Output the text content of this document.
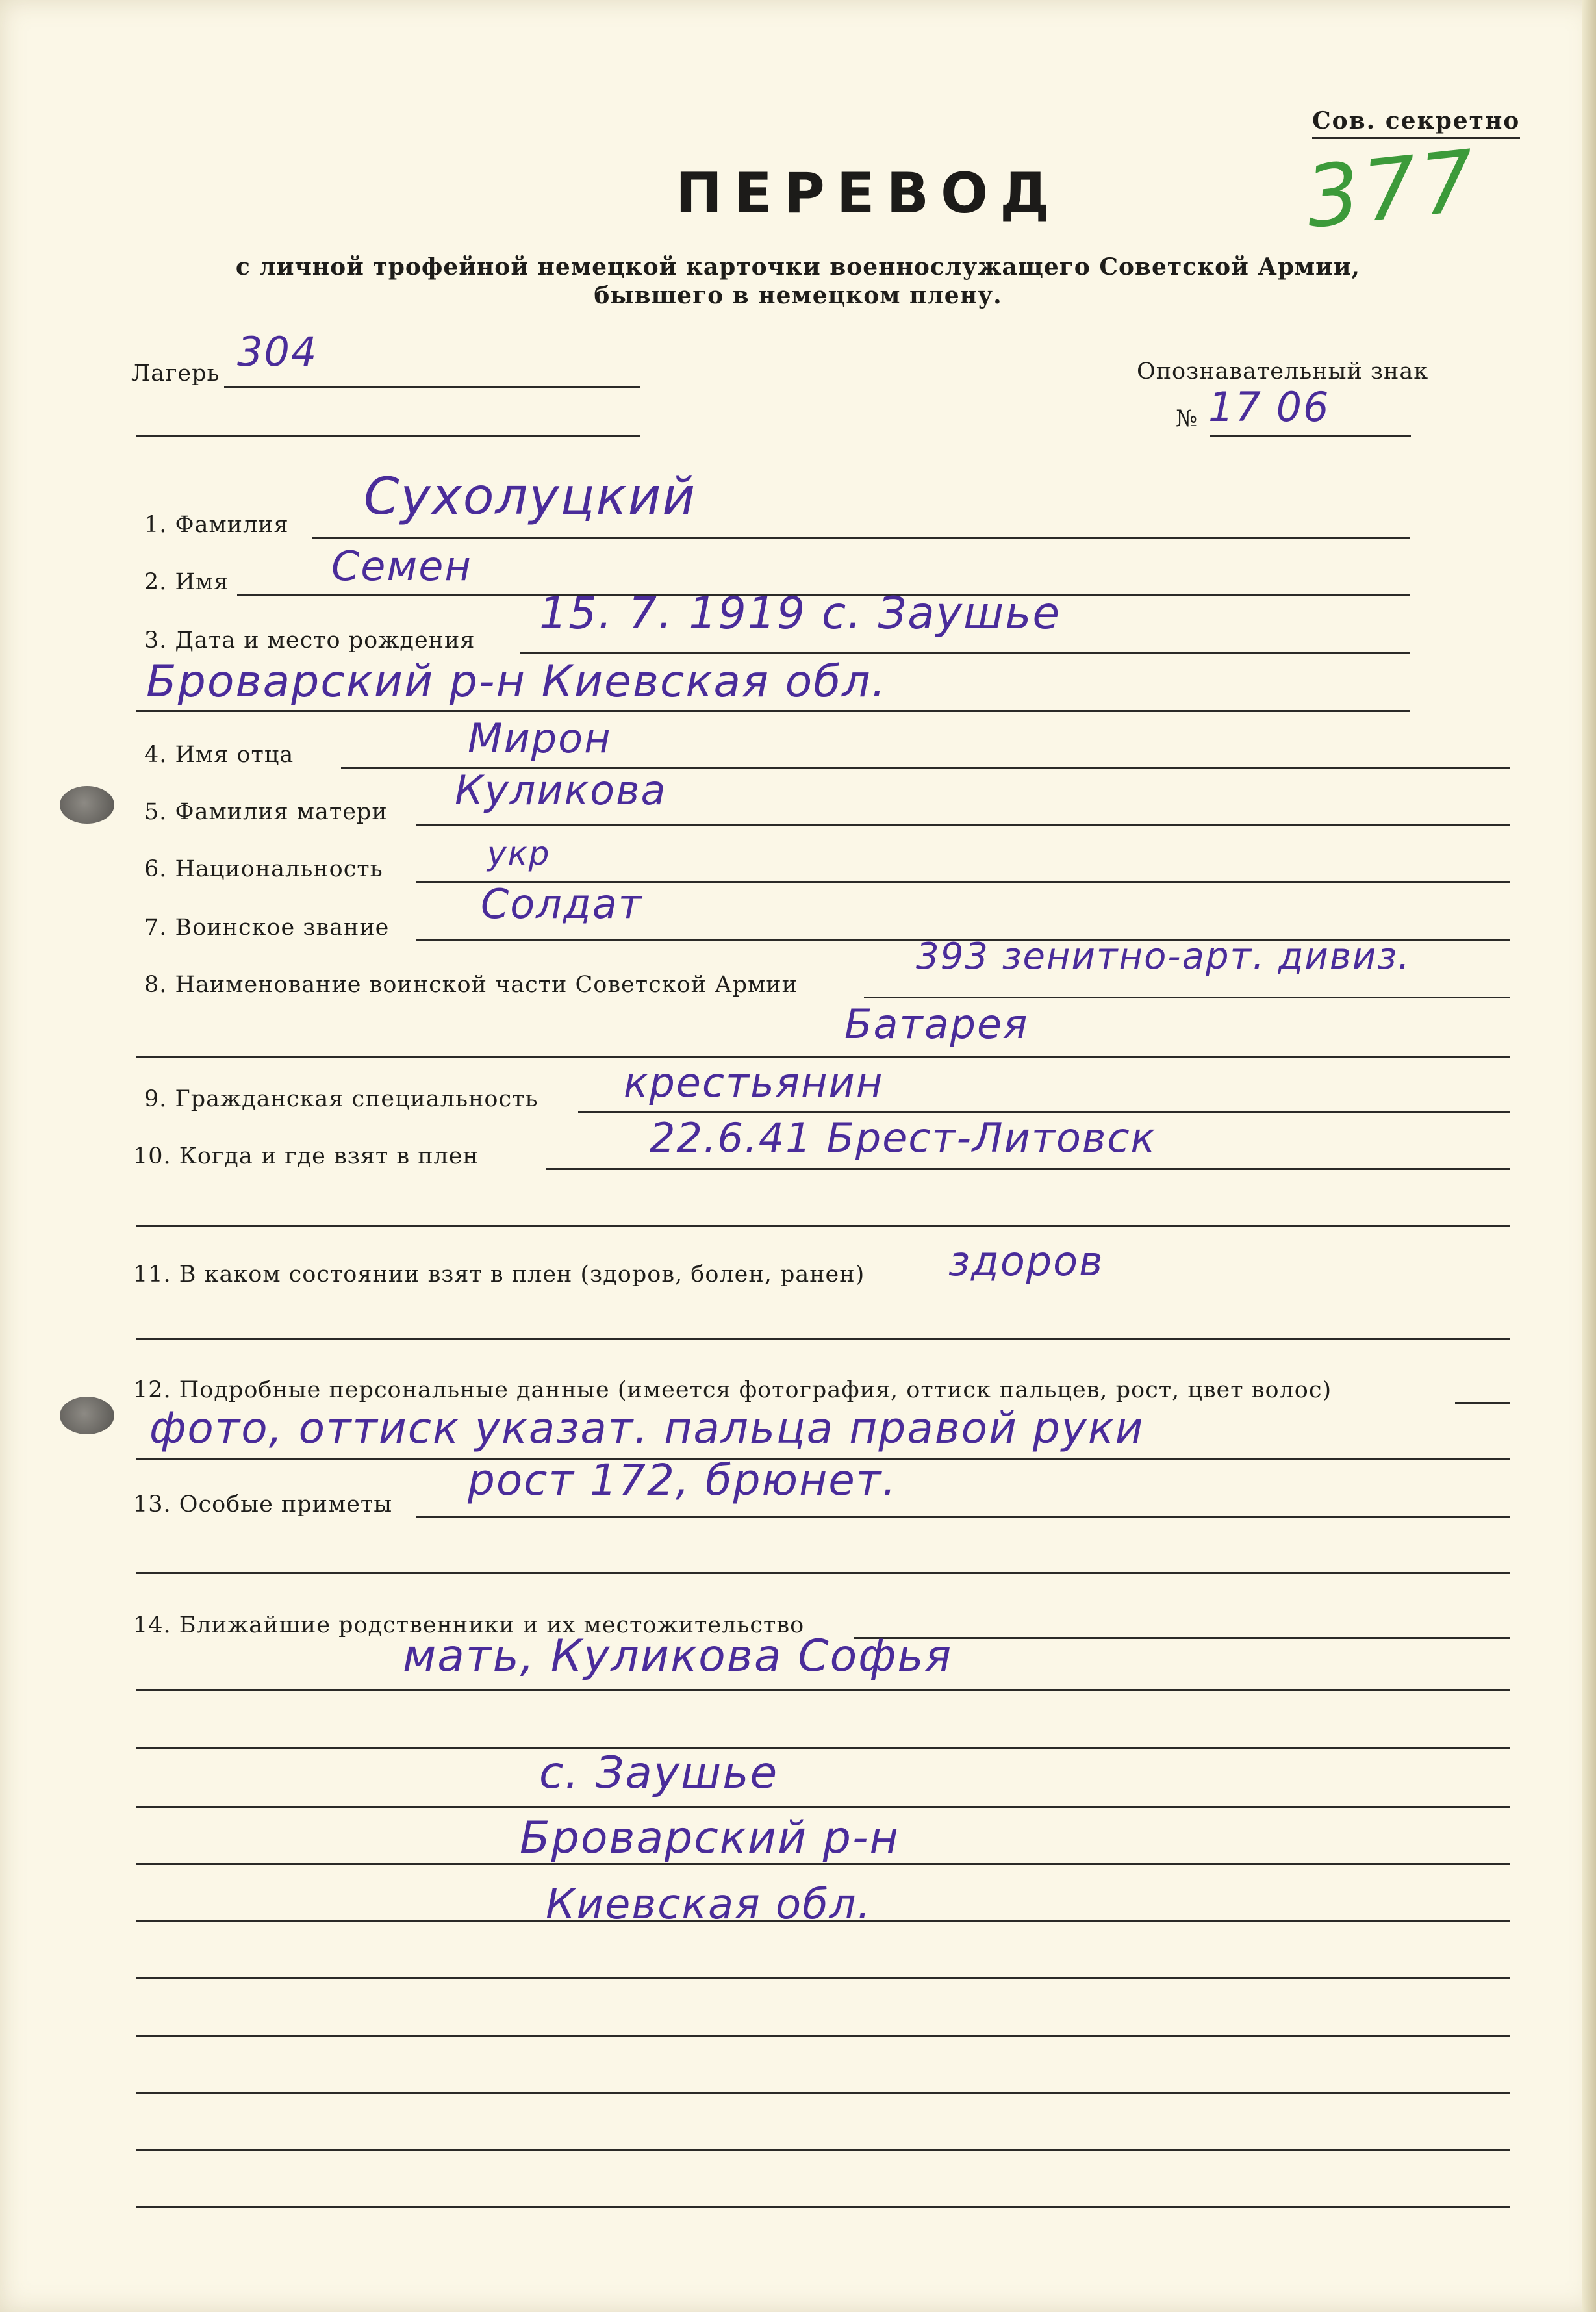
Сов. секретно
377
ПЕРЕВОД
с личной трофейной немецкой карточки военнослужащего Советской Армии,
бывшего в немецком плену.
Лагерь 304	Опознавательный знак
№ 17 06
1. Фамилия Сухолуцкий
2. Имя	Семен
3. Дата и место рождения
15. 7. 1919 с. Заушье
Броварский р-н Киевская обл.
4. Имя отца	Мирон
5. Фамилия матери Куликова
6. Национальность	укр
7. Воинское звание Солдат
8. Наименование воинской части Советской Армии
393 зенитно-арт. дивиз.
Батарея
9. Гражданская специальность крестьянин
10. Когда и где взят в плен	22.6.41 Брест-Литовск
11. В каком состоянии взят в плен (здоров, болен, ранен) здоров
12. Подробные персональные данные (имеется фотография, оттиск пальцев, рост, цвет волос)
фото, оттиск указат. пальца правой руки
13. Особые приметы рост 172, брюнет.
14. Ближайшие родственники и их местожительство
мать, Куликова Софья
с. Заушье
Броварский р-н
Киевская обл.
